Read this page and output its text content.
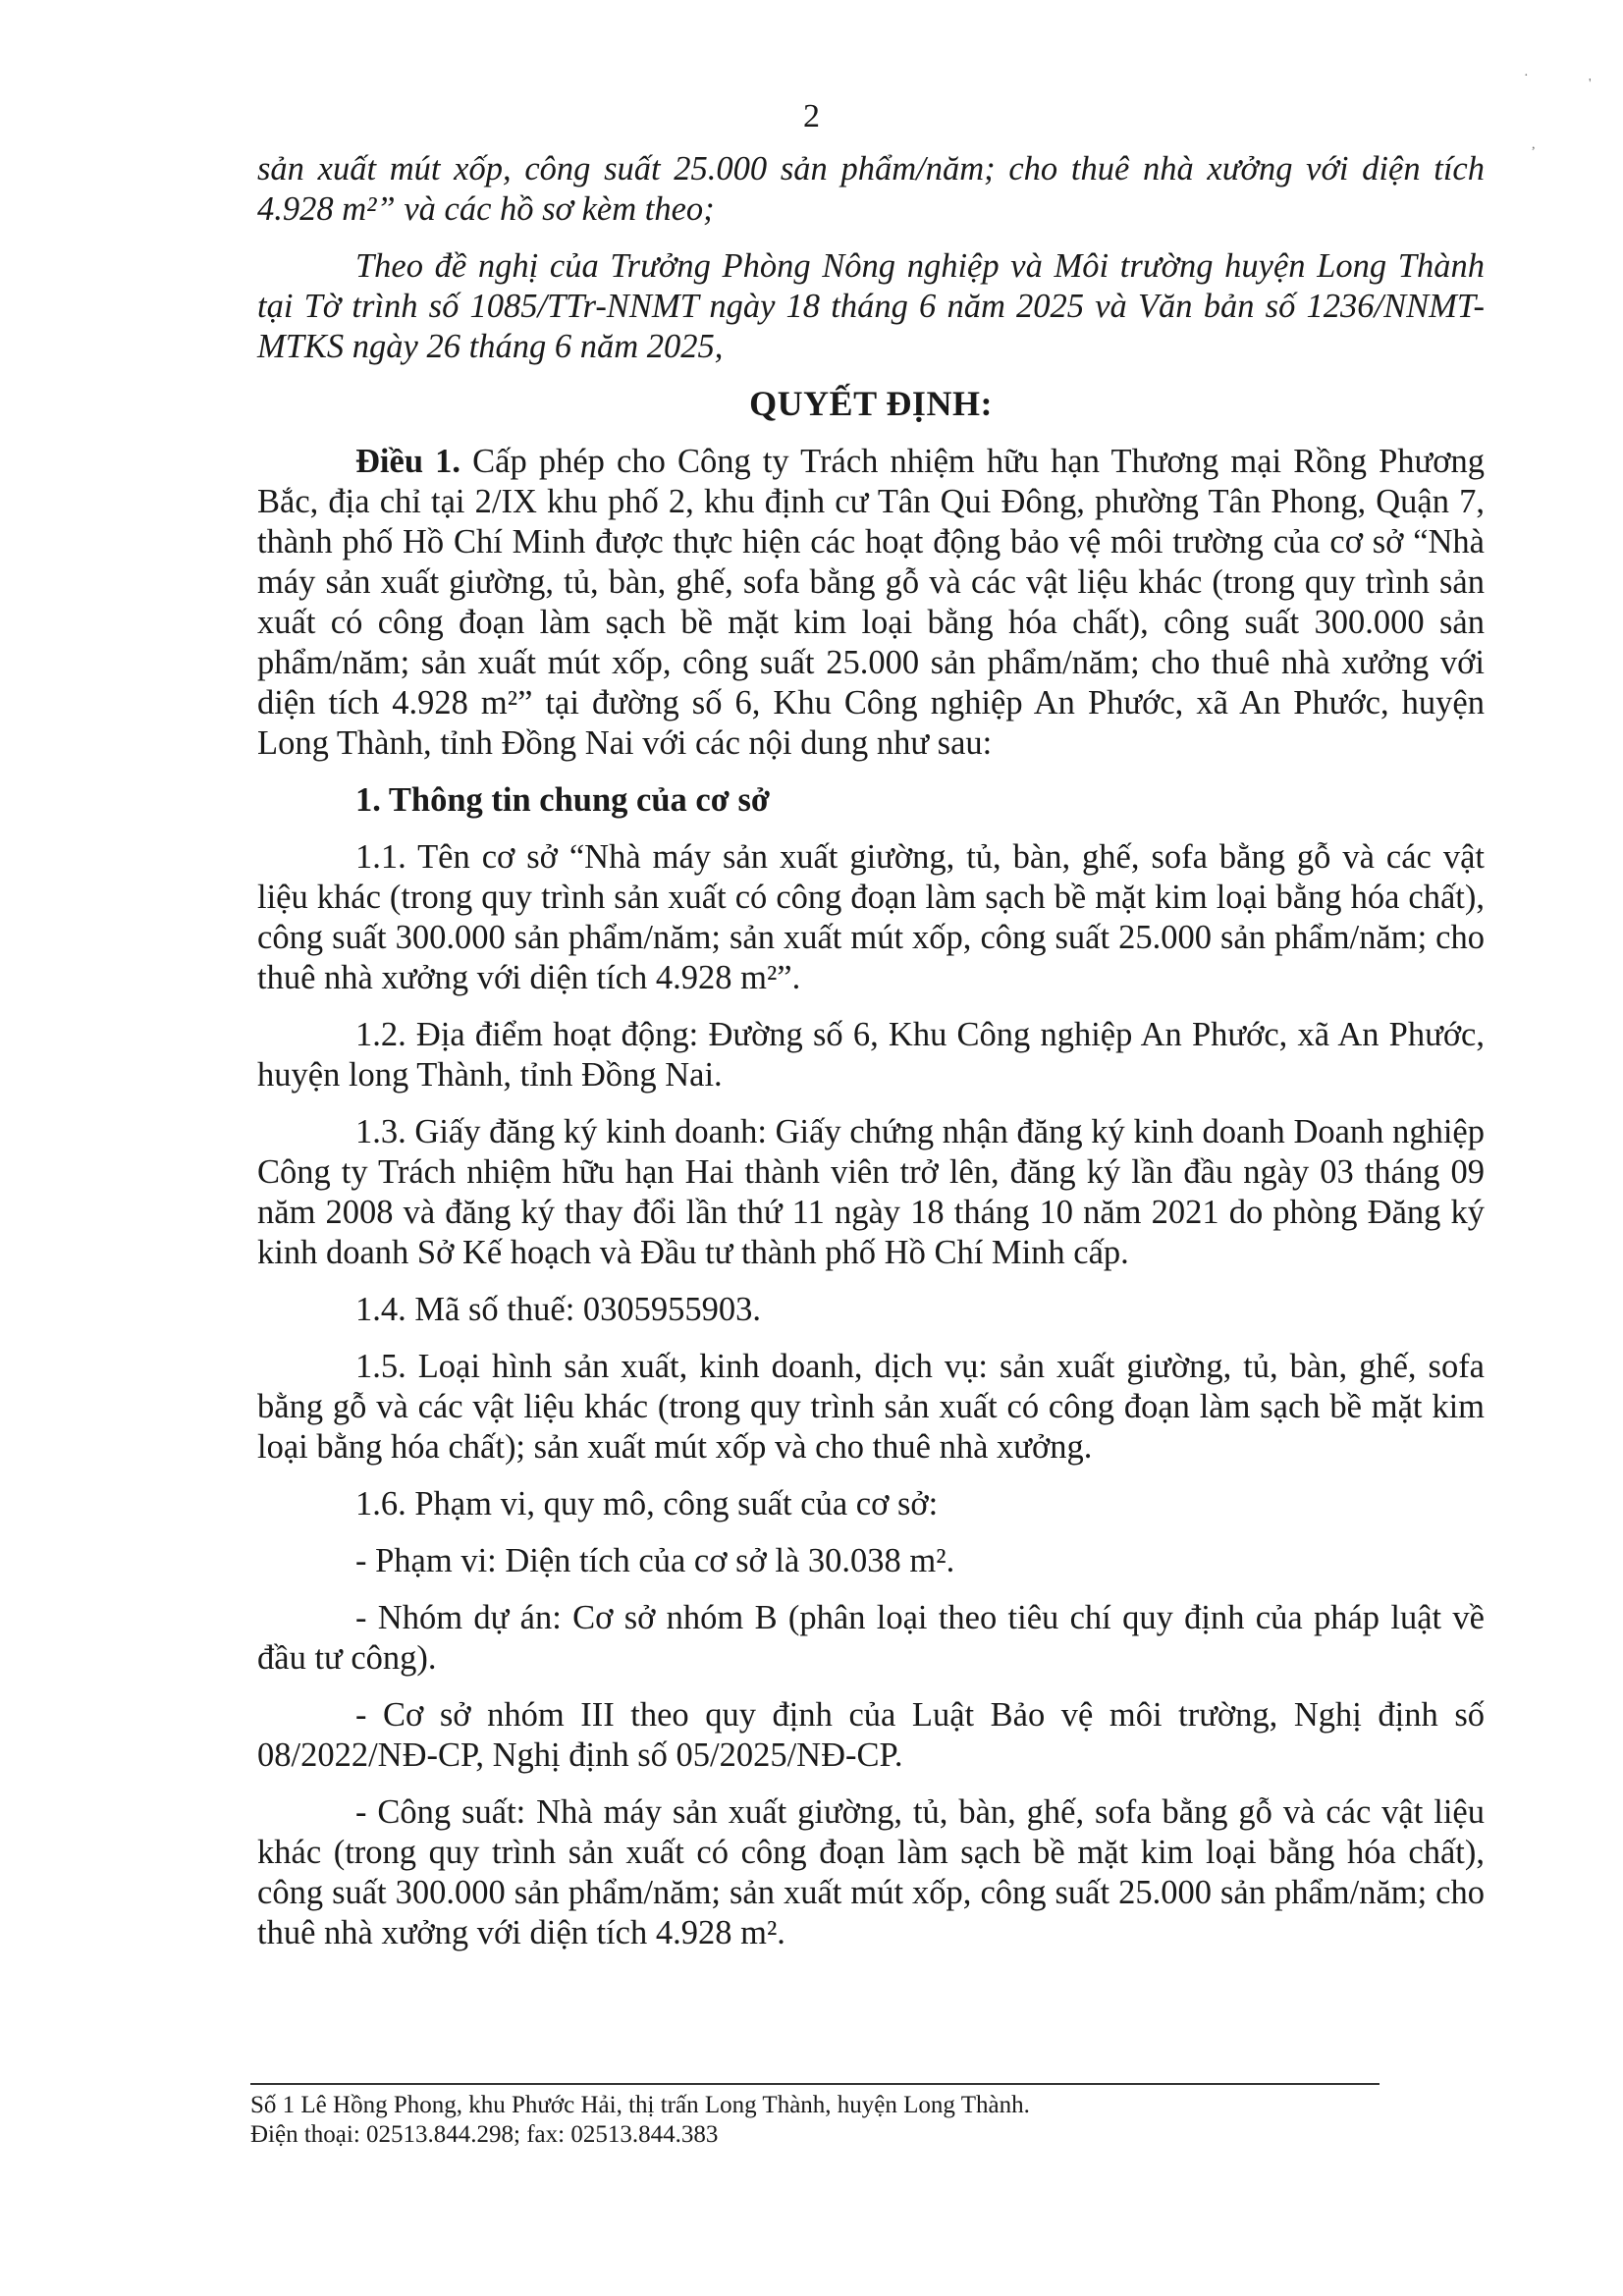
2

sản xuất mút xốp, công suất 25.000 sản phẩm/năm; cho thuê nhà xưởng với diện tích 4.928 m²” và các hồ sơ kèm theo;

Theo đề nghị của Trưởng Phòng Nông nghiệp và Môi trường huyện Long Thành tại Tờ trình số 1085/TTr-NNMT ngày 18 tháng 6 năm 2025 và Văn bản số 1236/NNMT-MTKS ngày 26 tháng 6 năm 2025,

QUYẾT ĐỊNH:

Điều 1. Cấp phép cho Công ty Trách nhiệm hữu hạn Thương mại Rồng Phương Bắc, địa chỉ tại 2/IX khu phố 2, khu định cư Tân Qui Đông, phường Tân Phong, Quận 7, thành phố Hồ Chí Minh được thực hiện các hoạt động bảo vệ môi trường của cơ sở “Nhà máy sản xuất giường, tủ, bàn, ghế, sofa bằng gỗ và các vật liệu khác (trong quy trình sản xuất có công đoạn làm sạch bề mặt kim loại bằng hóa chất), công suất 300.000 sản phẩm/năm; sản xuất mút xốp, công suất 25.000 sản phẩm/năm; cho thuê nhà xưởng với diện tích 4.928 m²” tại đường số 6, Khu Công nghiệp An Phước, xã An Phước, huyện Long Thành, tỉnh Đồng Nai với các nội dung như sau:

1. Thông tin chung của cơ sở

1.1. Tên cơ sở “Nhà máy sản xuất giường, tủ, bàn, ghế, sofa bằng gỗ và các vật liệu khác (trong quy trình sản xuất có công đoạn làm sạch bề mặt kim loại bằng hóa chất), công suất 300.000 sản phẩm/năm; sản xuất mút xốp, công suất 25.000 sản phẩm/năm; cho thuê nhà xưởng với diện tích 4.928 m²”.

1.2. Địa điểm hoạt động: Đường số 6, Khu Công nghiệp An Phước, xã An Phước, huyện long Thành, tỉnh Đồng Nai.

1.3. Giấy đăng ký kinh doanh: Giấy chứng nhận đăng ký kinh doanh Doanh nghiệp Công ty Trách nhiệm hữu hạn Hai thành viên trở lên, đăng ký lần đầu ngày 03 tháng 09 năm 2008 và đăng ký thay đổi lần thứ 11 ngày 18 tháng 10 năm 2021 do phòng Đăng ký kinh doanh Sở Kế hoạch và Đầu tư thành phố Hồ Chí Minh cấp.

1.4. Mã số thuế: 0305955903.

1.5. Loại hình sản xuất, kinh doanh, dịch vụ: sản xuất giường, tủ, bàn, ghế, sofa bằng gỗ và các vật liệu khác (trong quy trình sản xuất có công đoạn làm sạch bề mặt kim loại bằng hóa chất); sản xuất mút xốp và cho thuê nhà xưởng.

1.6. Phạm vi, quy mô, công suất của cơ sở:

- Phạm vi: Diện tích của cơ sở là 30.038 m².

- Nhóm dự án: Cơ sở nhóm B (phân loại theo tiêu chí quy định của pháp luật về đầu tư công).

- Cơ sở nhóm III theo quy định của Luật Bảo vệ môi trường, Nghị định số 08/2022/NĐ-CP, Nghị định số 05/2025/NĐ-CP.

- Công suất: Nhà máy sản xuất giường, tủ, bàn, ghế, sofa bằng gỗ và các vật liệu khác (trong quy trình sản xuất có công đoạn làm sạch bề mặt kim loại bằng hóa chất), công suất 300.000 sản phẩm/năm; sản xuất mút xốp, công suất 25.000 sản phẩm/năm; cho thuê nhà xưởng với diện tích 4.928 m².

Số 1 Lê Hồng Phong, khu Phước Hải, thị trấn Long Thành, huyện Long Thành.
Điện thoại: 02513.844.298; fax: 02513.844.383
·
'
,
